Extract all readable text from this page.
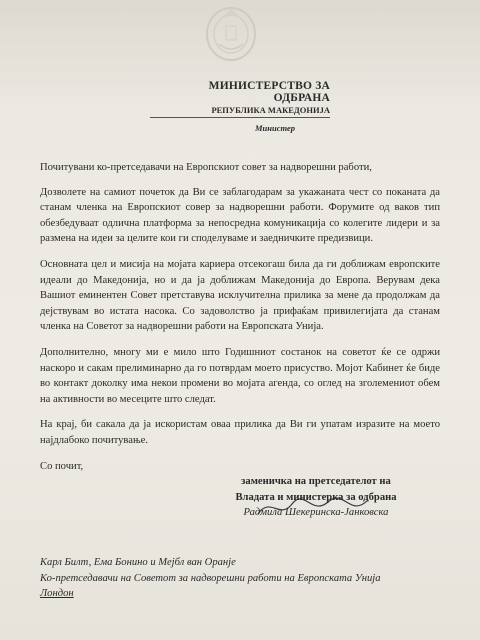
МИНИСТЕРСТВО ЗА ОДБРАНА
РЕПУБЛИКА МАКЕДОНИЈА
Министер

Почитувани ко-претседавачи на Европскиот совет за надворешни работи,

Дозволете на самиот почеток да Ви се заблагодарам за укажаната чест со поканата да станам членка на Европскиот совер за надворешни работи. Форумите од ваков тип обезбедуваат одлична платформа за непосредна комуникација со колегите лидери и за размена на идеи за целите кои ги споделуваме и заедничките предизвици.

Основната цел и мисија на мојата кариера отсекогаш била да ги доближам европските идеали до Македонија, но и да ја доближам Македонија до Европа. Верувам дека Вашиот еминентен Совет претставува исклучителна прилика за мене да продолжам да дејствувам во истата насока. Со задоволство ја прифаќам привилегијата да станам членка на Советот за надворешни работи на Европската Унија.

Дополнително, многу ми е мило што Годишниот состанок на советот ќе се одржи наскоро и сакам прелиминарно да го потврдам моето присуство. Мојот Кабинет ќе биде во контакт доколку има некои промени во мојата агенда, со оглед на зголемениот обем на активности во месеците што следат.

На крај, би сакала да ја искористам оваа прилика да Ви ги упатам изразите на моето најдлабоко почитување.

Со почит,

заменичка на претседателот на
Владата и министерка за одбрана
Радмила Шекеринска-Јанковска
Карл Билт, Ема Бонино и Мејбл ван Оранје
Ко-претседавачи на Советот за надворешни работи на Европската Унија
Лондон
